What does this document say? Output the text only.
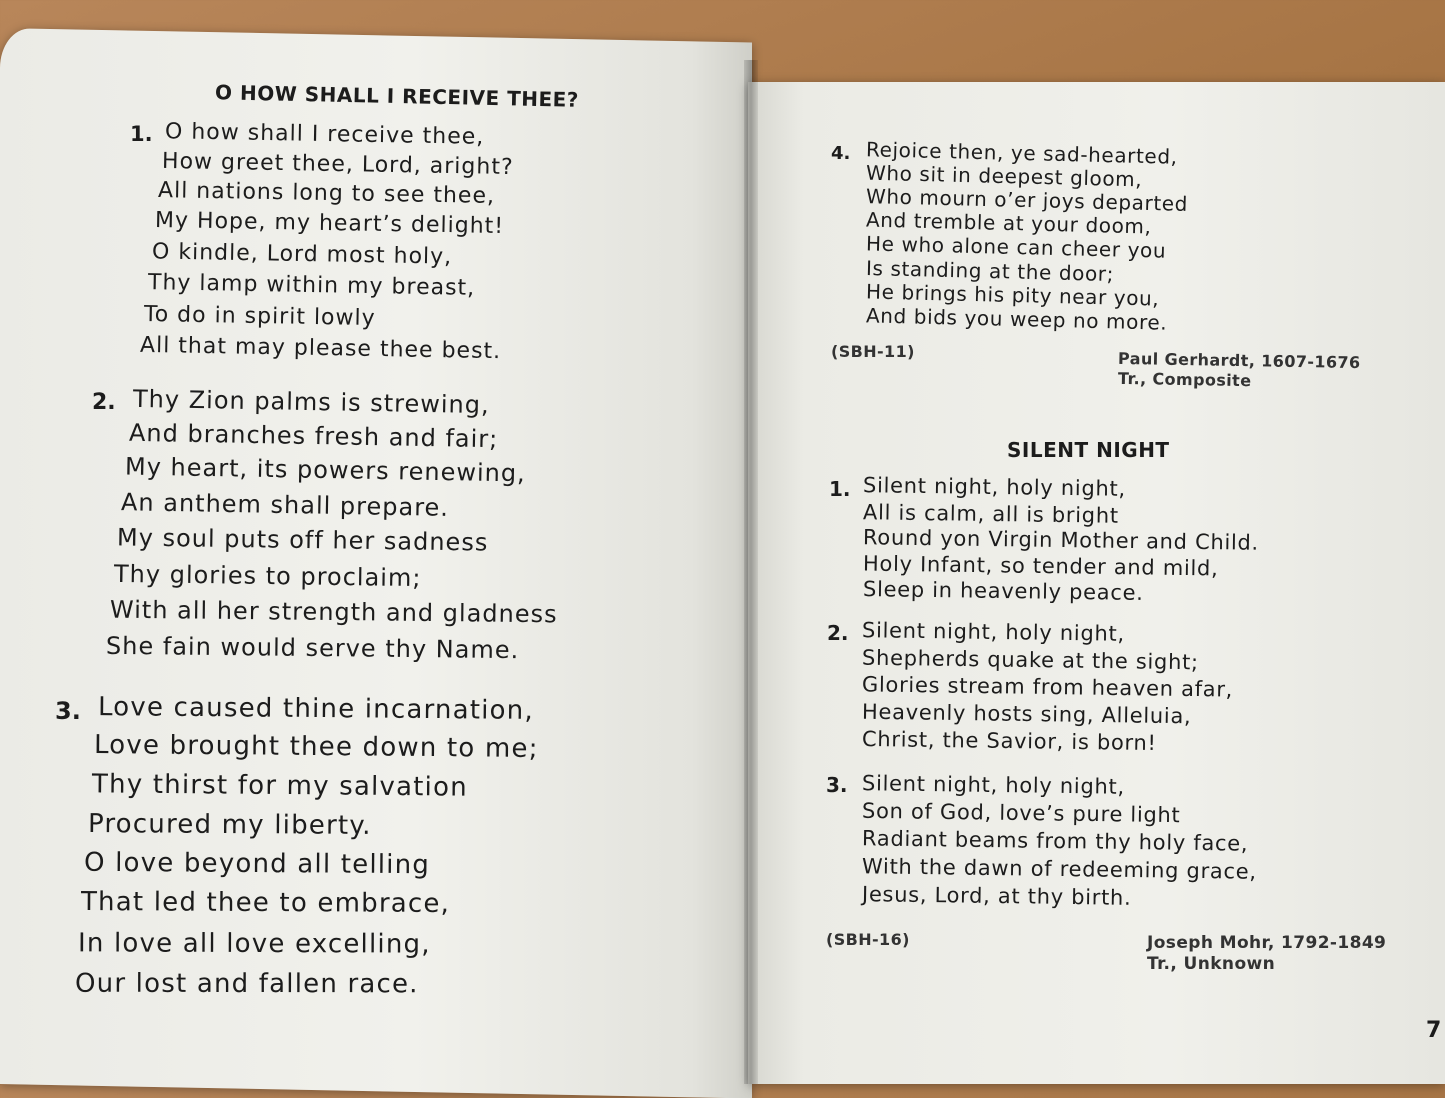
O HOW SHALL I RECEIVE THEE?
1. O how shall I receive thee,
How greet thee, Lord, aright?
All nations long to see thee,
My Hope, my heart’s delight!
O kindle, Lord most holy,
Thy lamp within my breast,
To do in spirit lowly
All that may please thee best.
2. Thy Zion palms is strewing,
And branches fresh and fair;
My heart, its powers renewing,
An anthem shall prepare.
My soul puts off her sadness
Thy glories to proclaim;
With all her strength and gladness
She fain would serve thy Name.
3. Love caused thine incarnation,
Love brought thee down to me;
Thy thirst for my salvation
Procured my liberty.
O love beyond all telling
That led thee to embrace,
In love all love excelling,
Our lost and fallen race.
4. Rejoice then, ye sad-hearted,
Who sit in deepest gloom,
Who mourn o’er joys departed
And tremble at your doom,
He who alone can cheer you
Is standing at the door;
He brings his pity near you,
And bids you weep no more.
(SBH-11)	Paul Gerhardt, 1607-1676
Tr., Composite
SILENT NIGHT
1. Silent night, holy night,
All is calm, all is bright
Round yon Virgin Mother and Child.
Holy Infant, so tender and mild,
Sleep in heavenly peace.
2. Silent night, holy night,
Shepherds quake at the sight;
Glories stream from heaven afar,
Heavenly hosts sing, Alleluia,
Christ, the Savior, is born!
3. Silent night, holy night,
Son of God, love’s pure light
Radiant beams from thy holy face,
With the dawn of redeeming grace,
Jesus, Lord, at thy birth.
(SBH-16)	Joseph Mohr, 1792-1849
Tr., Unknown
7
